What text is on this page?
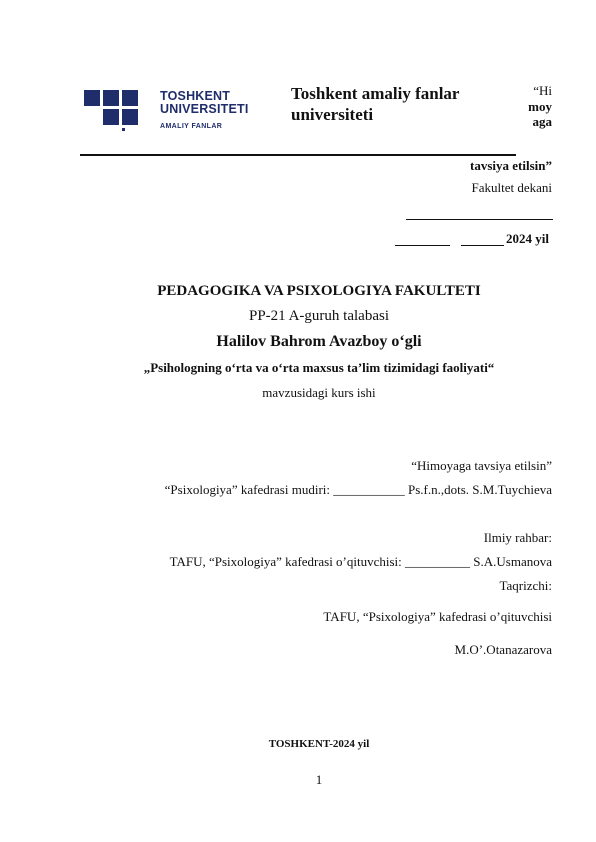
TOSHKENT
UNIVERSITETI
AMALIY FANLAR
Toshkent amaliy fanlar
universiteti
“Hi
moy
aga
tavsiya etilsin”
Fakultet dekani
2024 yil
PEDAGOGIKA VA PSIXOLOGIYA FAKULTETI
PP-21 A-guruh talabasi
Halilov Bahrom Avazboy o‘gli
„Psihologning o‘rta va o‘rta maxsus ta’lim tizimidagi faoliyati“
mavzusidagi kurs ishi
“Himoyaga tavsiya etilsin”
“Psixologiya” kafedrasi mudiri: ___________ Ps.f.n.,dots. S.M.Tuychieva
Ilmiy rahbar:
TAFU, “Psixologiya” kafedrasi o’qituvchisi: __________ S.A.Usmanova
Taqrizchi:
TAFU, “Psixologiya” kafedrasi o’qituvchisi
M.O’.Otanazarova
TOSHKENT-2024 yil
1
